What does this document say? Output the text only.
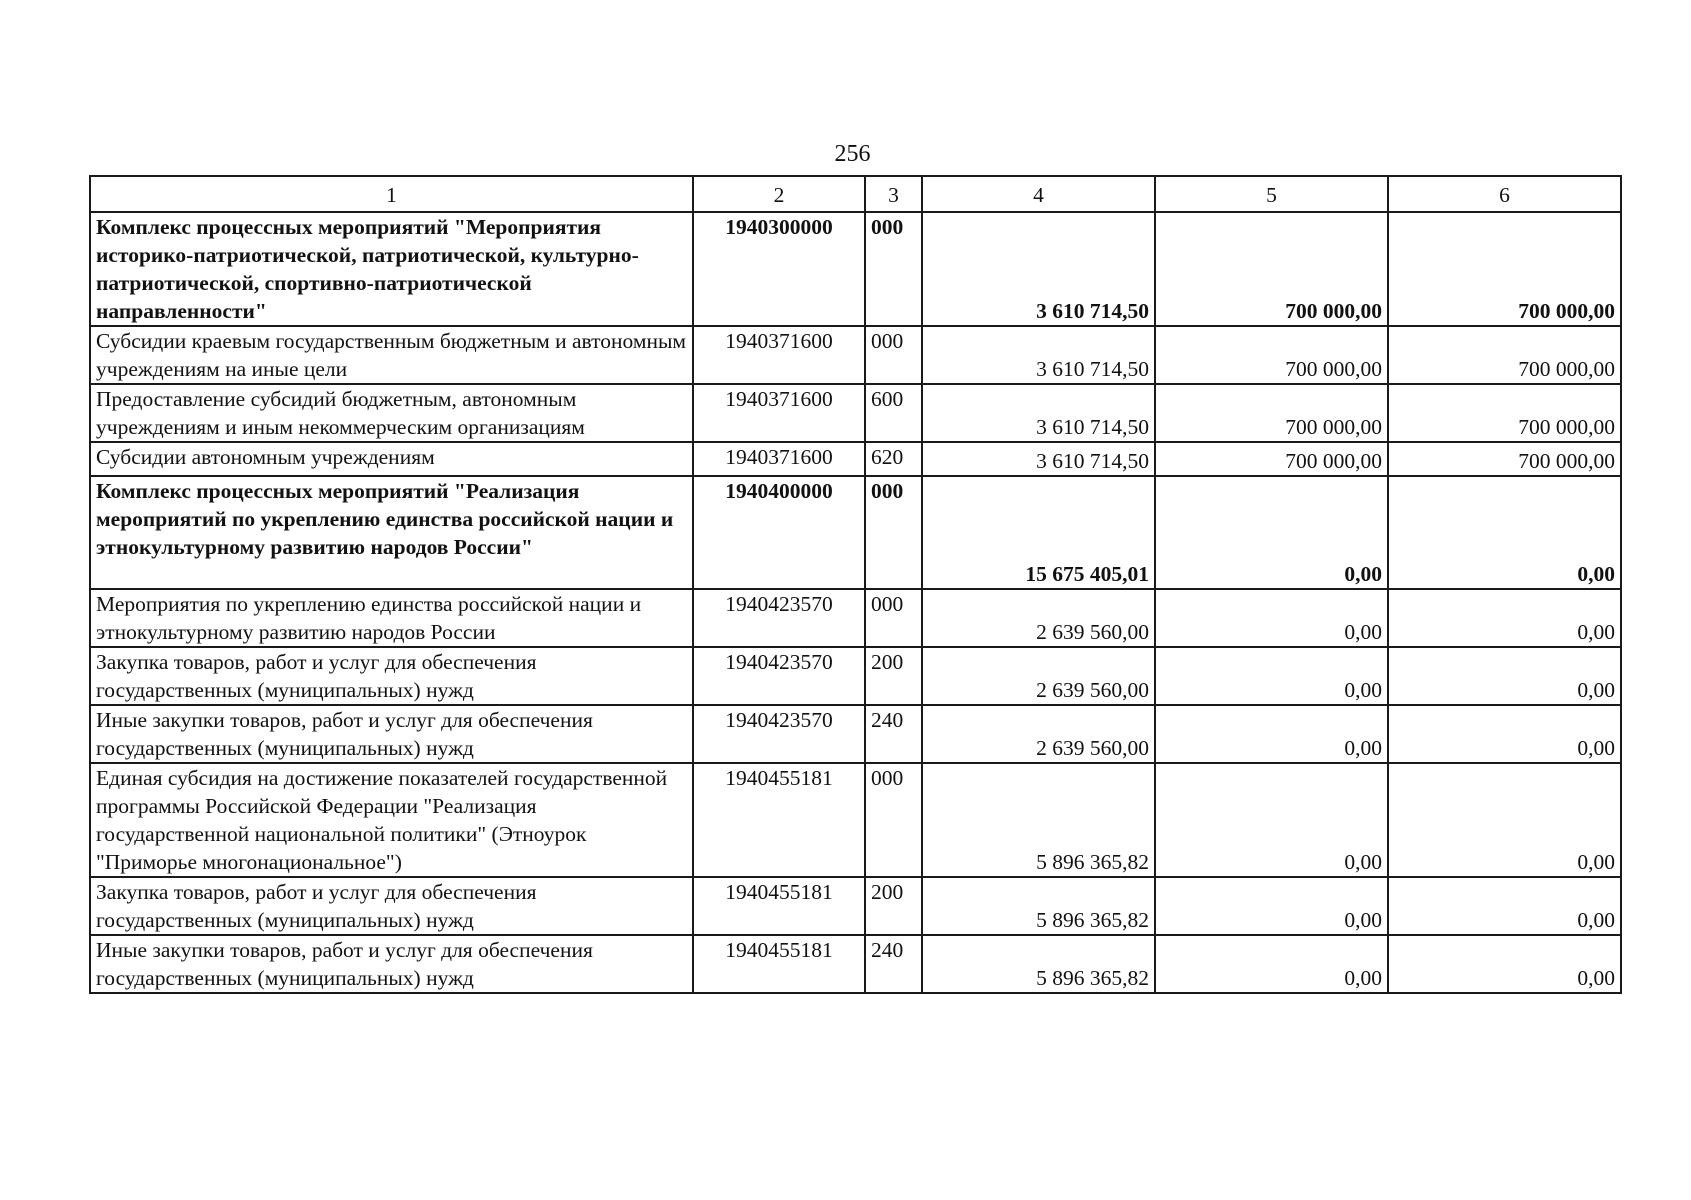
256
1	2	3	4	5	6
Комплекс процессных мероприятий "Мероприятия историко-патриотической, патриотической, культурно-патриотической, спортивно-патриотической направленности"	1940300000	000	3 610 714,50	700 000,00	700 000,00
Субсидии краевым государственным бюджетным и автономным учреждениям на иные цели	1940371600	000	3 610 714,50	700 000,00	700 000,00
Предоставление субсидий бюджетным, автономным учреждениям и иным некоммерческим организациям	1940371600	600	3 610 714,50	700 000,00	700 000,00
Субсидии автономным учреждениям	1940371600	620	3 610 714,50	700 000,00	700 000,00
Комплекс процессных мероприятий "Реализация мероприятий по укреплению единства российской нации и этнокультурному развитию народов России"	1940400000	000	15 675 405,01	0,00	0,00
Мероприятия по укреплению единства российской нации и этнокультурному развитию народов России	1940423570	000	2 639 560,00	0,00	0,00
Закупка товаров, работ и услуг для обеспечения государственных (муниципальных) нужд	1940423570	200	2 639 560,00	0,00	0,00
Иные закупки товаров, работ и услуг для обеспечения государственных (муниципальных) нужд	1940423570	240	2 639 560,00	0,00	0,00
Единая субсидия на достижение показателей государственной программы Российской Федерации "Реализация государственной национальной политики" (Этноурок "Приморье многонациональное")	1940455181	000	5 896 365,82	0,00	0,00
Закупка товаров, работ и услуг для обеспечения государственных (муниципальных) нужд	1940455181	200	5 896 365,82	0,00	0,00
Иные закупки товаров, работ и услуг для обеспечения государственных (муниципальных) нужд	1940455181	240	5 896 365,82	0,00	0,00
